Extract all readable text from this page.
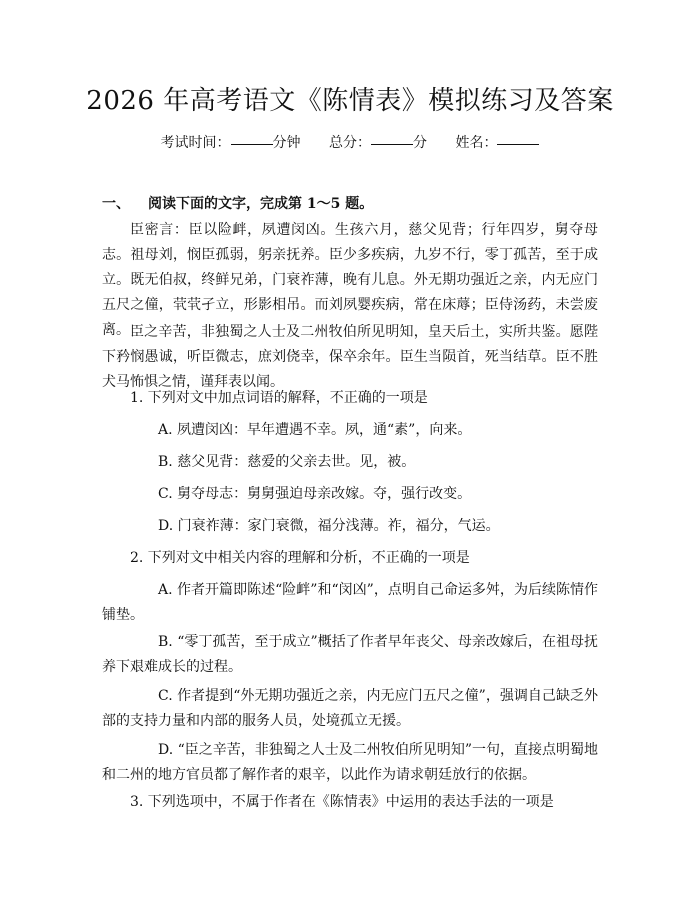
2026 年高考语文《陈情表》模拟练习及答案
考试时间：	分钟 总分：	分 姓名：
一、 阅读下面的文字，完成第 1～5 题。

臣密言：臣以险衅，夙遭闵凶。生孩六月，慈父见背；行年四岁，舅夺母志。祖母刘，悯臣孤弱，躬亲抚养。臣少多疾病，九岁不行，零丁孤苦，至于成立。既无伯叔，终鲜兄弟，门衰祚薄，晚有儿息。外无期功强近之亲，内无应门五尺之僮，茕茕孑立，形影相吊。而刘夙婴疾病，常在床蓐；臣侍汤药，未尝废离。 臣之辛苦，非独蜀之人士及二州牧伯所见明知，皇天后土，实所共鉴。愿陛下矜悯愚诚，听臣微志，庶刘侥幸，保卒余年。臣生当陨首，死当结草。臣不胜犬马怖惧之情，谨拜表以闻。

1. 下列对文中加点词语的解释，不正确的一项是
A. 夙遭闵凶：早年遭遇不幸。夙，通“素”，向来。
B. 慈父见背：慈爱的父亲去世。见，被。
C. 舅夺母志：舅舅强迫母亲改嫁。夺，强行改变。
D. 门衰祚薄：家门衰微，福分浅薄。祚，福分，气运。
2. 下列对文中相关内容的理解和分析，不正确的一项是

A. 作者开篇即陈述“险衅”和“闵凶”，点明自己命运多舛，为后续陈情作铺垫。

B. “零丁孤苦，至于成立”概括了作者早年丧父、母亲改嫁后，在祖母抚养下艰难成长的过程。

C. 作者提到“外无期功强近之亲，内无应门五尺之僮”，强调自己缺乏外部的支持力量和内部的服务人员，处境孤立无援。

D. “臣之辛苦，非独蜀之人士及二州牧伯所见明知”一句，直接点明蜀地和二州的地方官员都了解作者的艰辛，以此作为请求朝廷放行的依据。

3. 下列选项中，不属于作者在《陈情表》中运用的表达手法的一项是
